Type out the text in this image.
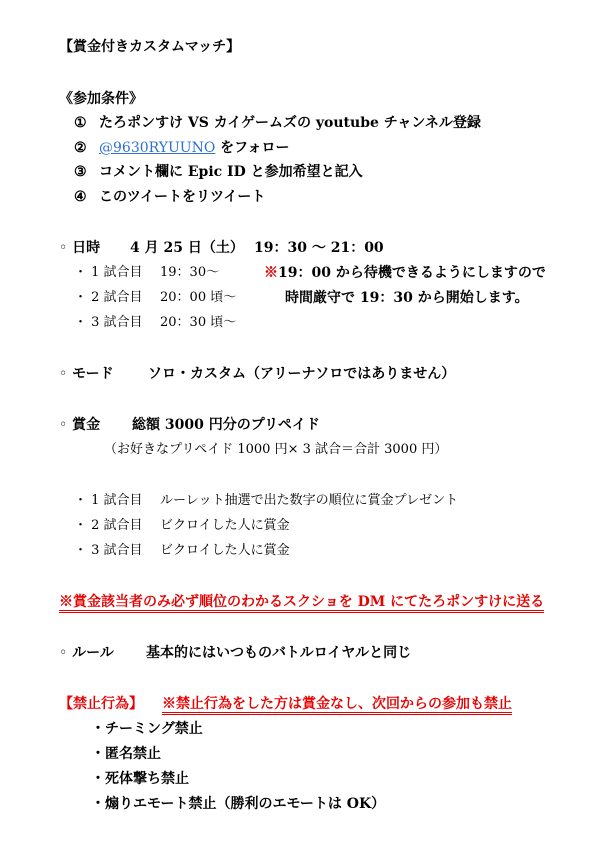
【賞金付きカスタムマッチ】
《参加条件》
① たろポンすけ VS カイゲームズの youtube チャンネル登録
② @9630RYUUNO をフォロー
③ コメント欄に Epic ID と参加希望と記入
④ このツイートをリツイート
◦ 日時 4 月 25 日（土） 19：30 ～ 21：00
・ 1 試合目 19：30～	※19：00 から待機できるようにしますので
・ 2 試合目 20：00 頃～	時間厳守で 19：30 から開始します。
・ 3 試合目 20：30 頃～
◦ モード ソロ・カスタム（アリーナソロではありません）
◦ 賞金 総額 3000 円分のプリペイド
（お好きなプリペイド 1000 円× 3 試合＝合計 3000 円）
・ 1 試合目 ルーレット抽選で出た数字の順位に賞金プレゼント
・ 2 試合目 ビクロイした人に賞金
・ 3 試合目 ビクロイした人に賞金
※賞金該当者のみ必ず順位のわかるスクショを DM にてたろポンすけに送る
◦ ルール 基本的にはいつものバトルロイヤルと同じ
【禁止行為】 ※禁止行為をした方は賞金なし、次回からの参加も禁止
・チーミング禁止
・匿名禁止
・死体撃ち禁止
・煽りエモート禁止（勝利のエモートは OK）
